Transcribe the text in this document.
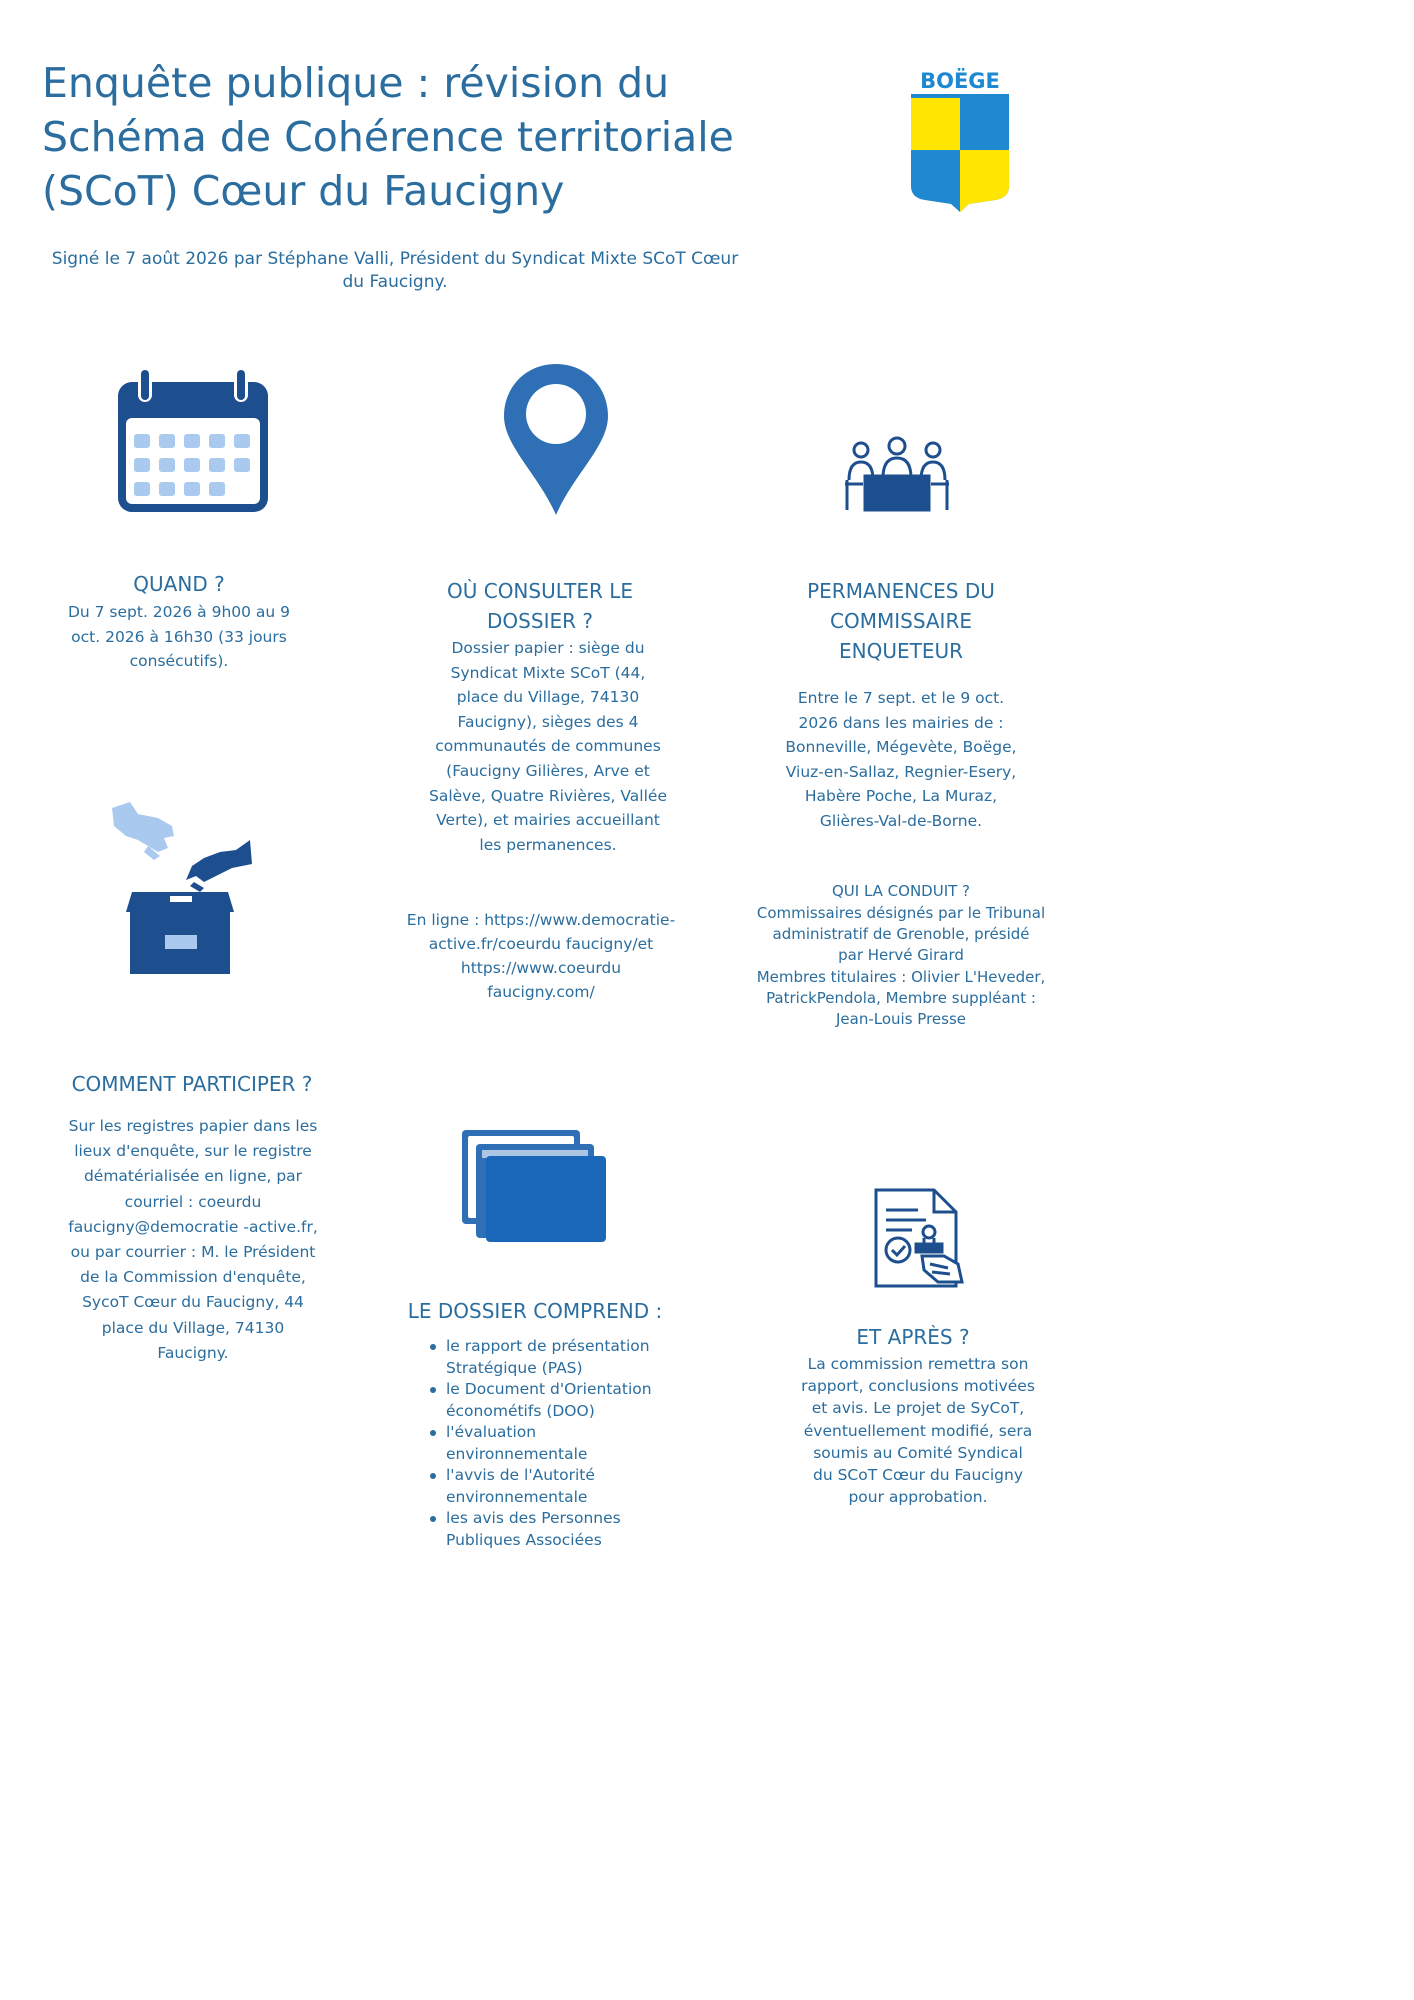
Enquête publique : révision du
Schéma de Cohérence territoriale
(SCoT) Cœur du Faucigny
BOËGE
Signé le 7 août 2026 par Stéphane Valli, Président du Syndicat Mixte SCoT Cœur du Faucigny.
QUAND ?
Du 7 sept. 2026 à 9h00 au 9
oct. 2026 à 16h30 (33 jours
consécutifs).
OÙ CONSULTER LE
DOSSIER ?
Dossier papier : siège du
Syndicat Mixte SCoT (44,
place du Village, 74130
Faucigny), sièges des 4
communautés de communes
(Faucigny Gilières, Arve et
Salève, Quatre Rivières, Vallée
Verte), et mairies accueillant
les permanences.
En ligne : https://www.democratie-
active.fr/coeurdu faucigny/et
https://www.coeurdu
faucigny.com/
PERMANENCES DU
COMMISSAIRE
ENQUETEUR
Entre le 7 sept. et le 9 oct.
2026 dans les mairies de :
Bonneville, Mégevète, Boëge,
Viuz-en-Sallaz, Regnier-Esery,
Habère Poche, La Muraz,
Glières-Val-de-Borne.
QUI LA CONDUIT ?
Commissaires désignés par le Tribunal
administratif de Grenoble, présidé
par Hervé Girard
Membres titulaires : Olivier L'Heveder,
PatrickPendola, Membre suppléant :
Jean-Louis Presse
COMMENT PARTICIPER ?
Sur les registres papier dans les
lieux d'enquête, sur le registre
dématérialisée en ligne, par
courriel : coeurdu
faucigny@democratie -active.fr,
ou par courrier : M. le Président
de la Commission d'enquête,
SycoT Cœur du Faucigny, 44
place du Village, 74130
Faucigny.
LE DOSSIER COMPREND :
le rapport de présentation
Stratégique (PAS)
le Document d'Orientation
économétifs (DOO)
l'évaluation
environnementale
l'avvis de l'Autorité
environnementale
les avis des Personnes
Publiques Associées
ET APRÈS ?
La commission remettra son
rapport, conclusions motivées
et avis. Le projet de SyCoT,
éventuellement modifié, sera
soumis au Comité Syndical
du SCoT Cœur du Faucigny
pour approbation.
